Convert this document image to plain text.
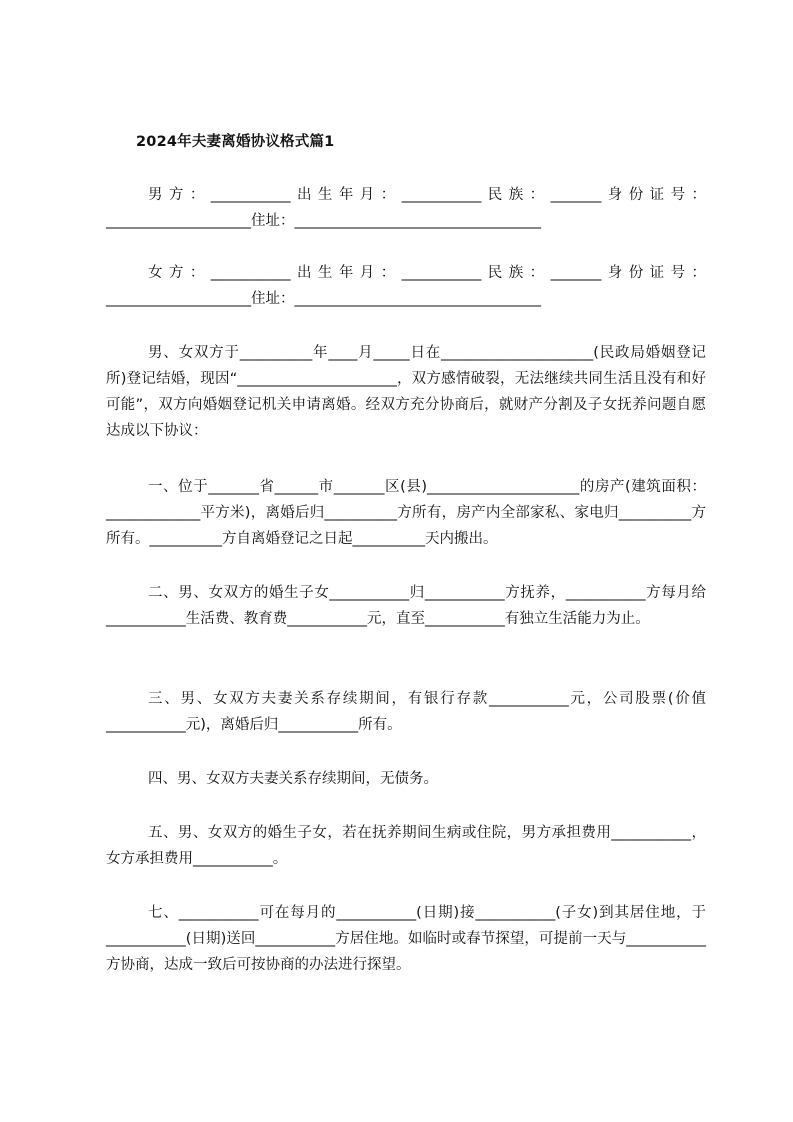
2024年夫妻离婚协议格式篇1

男方：___________出生年月：___________民族：_______身份证号：____________________住址：__________________________________

女方：___________出生年月：___________民族：_______身份证号：____________________住址：__________________________________

男、女双方于__________年____月_____日在_____________________(民政局婚姻登记所)登记结婚，现因“______________________，双方感情破裂，无法继续共同生活且没有和好可能”，双方向婚姻登记机关申请离婚。经双方充分协商后，就财产分割及子女抚养问题自愿达成以下协议：

一、位于_______省______市_______区(县)_____________________的房产(建筑面积：_____________平方米)，离婚后归__________方所有，房产内全部家私、家电归__________方所有。__________方自离婚登记之日起__________天内搬出。

二、男、女双方的婚生子女___________归___________方抚养，___________方每月给___________生活费、教育费___________元，直至___________有独立生活能力为止。

三、男、女双方夫妻关系存续期间，有银行存款___________元，公司股票(价值___________元)，离婚后归___________所有。

四、男、女双方夫妻关系存续期间，无债务。

五、男、女双方的婚生子女，若在抚养期间生病或住院，男方承担费用___________，女方承担费用___________。

七、___________可在每月的___________(日期)接___________(子女)到其居住地，于___________(日期)送回___________方居住地。如临时或春节探望，可提前一天与___________方协商，达成一致后可按协商的办法进行探望。
